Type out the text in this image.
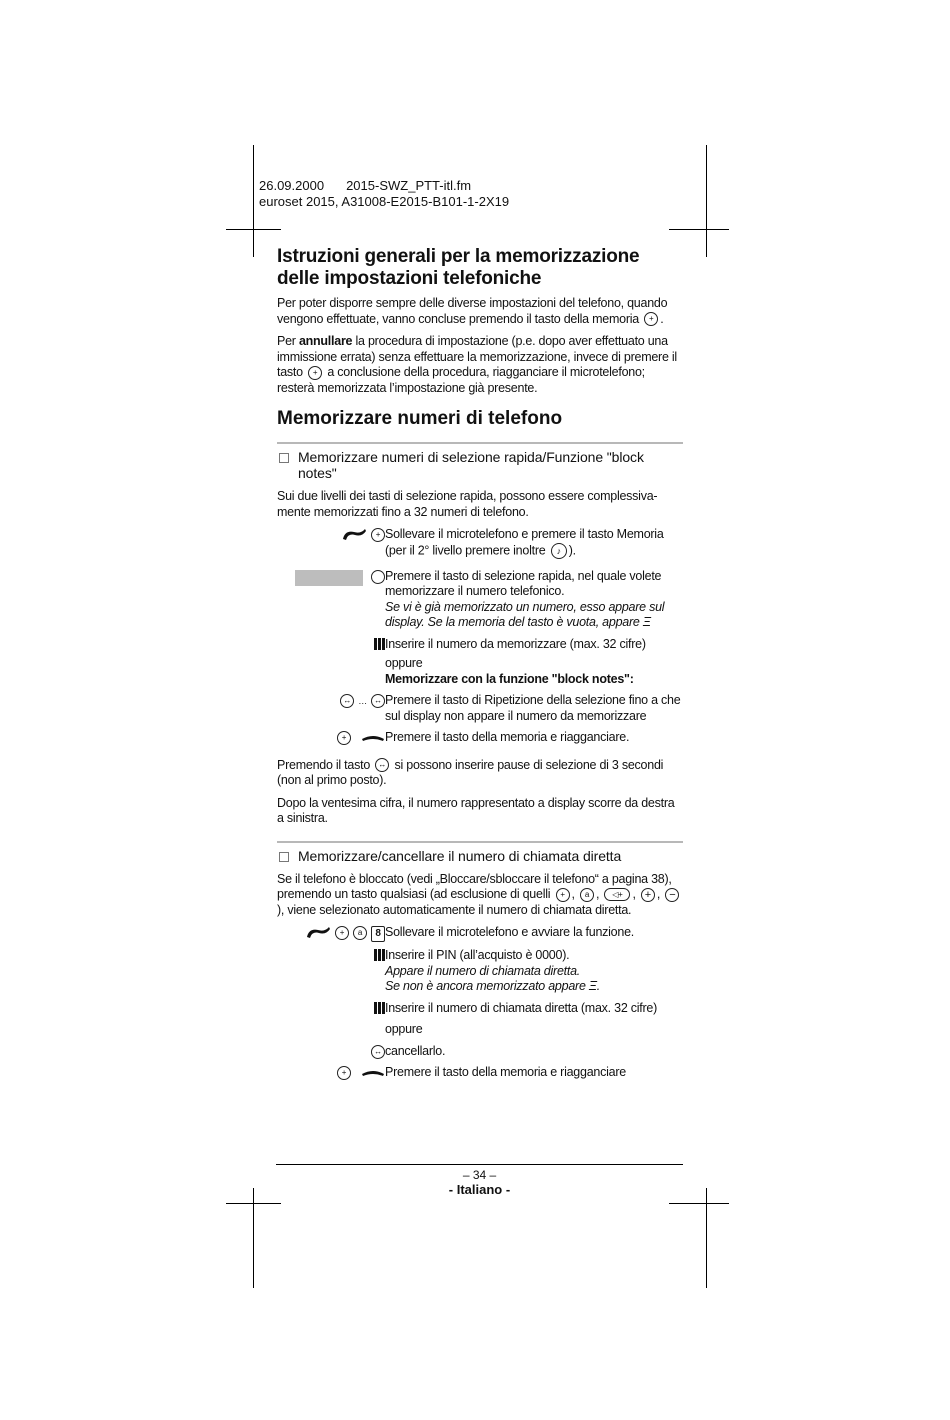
26.09.2000 2015-SWZ_PTT-itl.fm
euroset 2015, A31008-E2015-B101-1-2X19
Istruzioni generali per la memorizzazione delle impostazioni telefoniche

Per poter disporre sempre delle diverse impostazioni del telefono, quando vengono effettuate, vanno concluse premendo il tasto della memoria + .

Per annullare la procedura di impostazione (p.e. dopo aver effettuato una immissione errata) senza effettuare la memorizzazione, invece di premere il tasto + a conclusione della procedura, riagganciare il microtelefono; resterà memorizzata l’impostazione già presente.

Memorizzare numeri di telefono
Memorizzare numeri di selezione rapida/Funzione "block notes"

Sui due livelli dei tasti di selezione rapida, possono essere complessiva-mente memorizzati fino a 32 numeri di telefono.

+ Sollevare il microtelefono e premere il tasto Memoria (per il 2° livello premere inoltre ♪ ).
Premere il tasto di selezione rapida, nel quale volete memorizzare il numero telefonico.
Se vi è già memorizzato un numero, esso appare sul display. Se la memoria del tasto è vuota, appare Ξ
Inserire il numero da memorizzare (max. 32 cifre)
oppure
Memorizzare con la funzione "block notes":
↔ … ↔ Premere il tasto di Ripetizione della selezione fino a che sul display non appare il numero da memorizzare
+	Premere il tasto della memoria e riagganciare.

Premendo il tasto ↔ si possono inserire pause di selezione di 3 secondi (non al primo posto).

Dopo la ventesima cifra, il numero rappresentato a display scorre da destra a sinistra.

Memorizzare/cancellare il numero di chiamata diretta

Se il telefono è bloccato (vedi „Bloccare/sbloccare il telefono“ a pagina 38), premendo un tasto qualsiasi (ad esclusione di quelli + , a , ◁+ , + , −), viene selezionato automaticamente il numero di chiamata diretta.

+	a	8 Sollevare il microtelefono e avviare la funzione.
Inserire il PIN (all’acquisto è 0000).
Appare il numero di chiamata diretta.
Se non è ancora memorizzato appare Ξ.
Inserire il numero di chiamata diretta (max. 32 cifre)
oppure
↔ cancellarlo.
+	Premere il tasto della memoria e riagganciare
– 34 –
- Italiano -
